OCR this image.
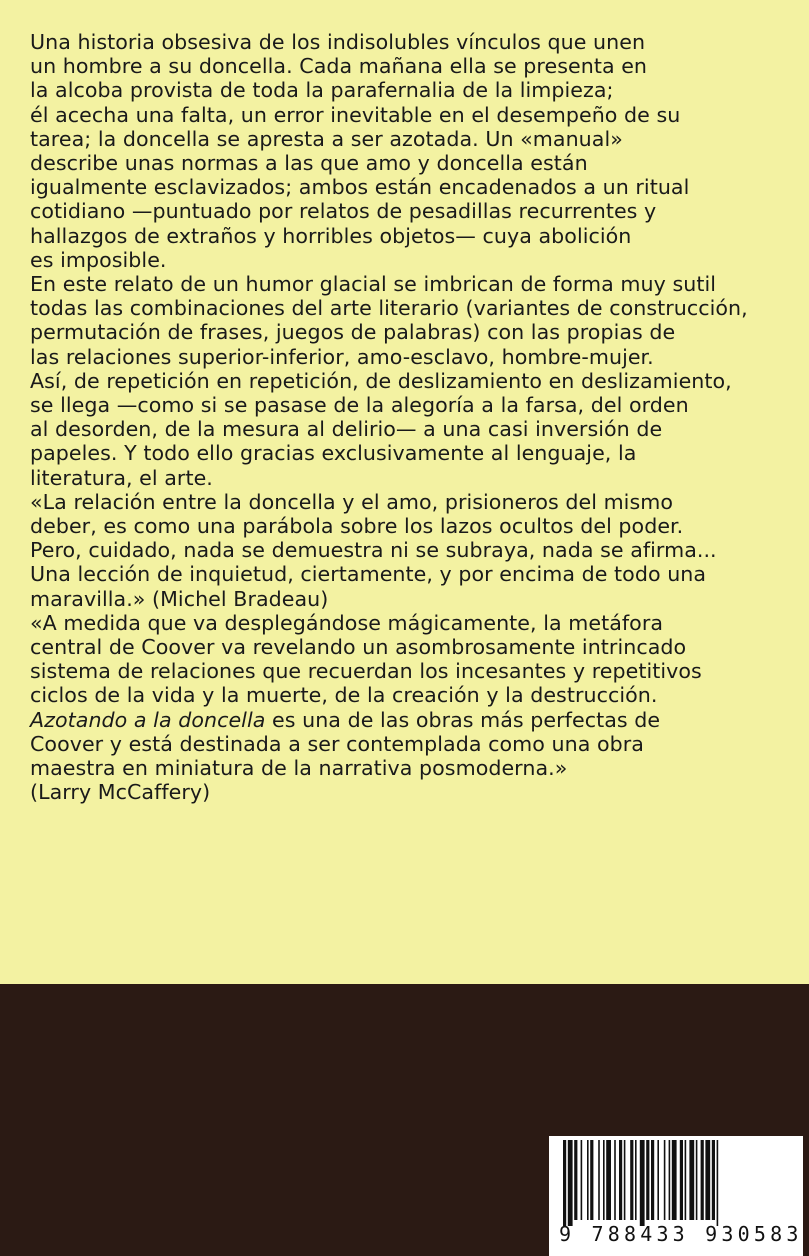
Una historia obsesiva de los indisolubles vínculos que unen
un hombre a su doncella. Cada mañana ella se presenta en
la alcoba provista de toda la parafernalia de la limpieza;
él acecha una falta, un error inevitable en el desempeño de su
tarea; la doncella se apresta a ser azotada. Un «manual»
describe unas normas a las que amo y doncella están
igualmente esclavizados; ambos están encadenados a un ritual
cotidiano —puntuado por relatos de pesadillas recurrentes y
hallazgos de extraños y horribles objetos— cuya abolición
es imposible.
En este relato de un humor glacial se imbrican de forma muy sutil
todas las combinaciones del arte literario (variantes de construcción,
permutación de frases, juegos de palabras) con las propias de
las relaciones superior-inferior, amo-esclavo, hombre-mujer.
Así, de repetición en repetición, de deslizamiento en deslizamiento,
se llega —como si se pasase de la alegoría a la farsa, del orden
al desorden, de la mesura al delirio— a una casi inversión de
papeles. Y todo ello gracias exclusivamente al lenguaje, la
literatura, el arte.
«La relación entre la doncella y el amo, prisioneros del mismo
deber, es como una parábola sobre los lazos ocultos del poder.
Pero, cuidado, nada se demuestra ni se subraya, nada se afirma...
Una lección de inquietud, ciertamente, y por encima de todo una
maravilla.» (Michel Bradeau)
«A medida que va desplegándose mágicamente, la metáfora
central de Coover va revelando un asombrosamente intrincado
sistema de relaciones que recuerdan los incesantes y repetitivos
ciclos de la vida y la muerte, de la creación y la destrucción.
Azotando a la doncella es una de las obras más perfectas de
Coover y está destinada a ser contemplada como una obra
maestra en miniatura de la narrativa posmoderna.»
(Larry McCaffery)
9 788433 930583
